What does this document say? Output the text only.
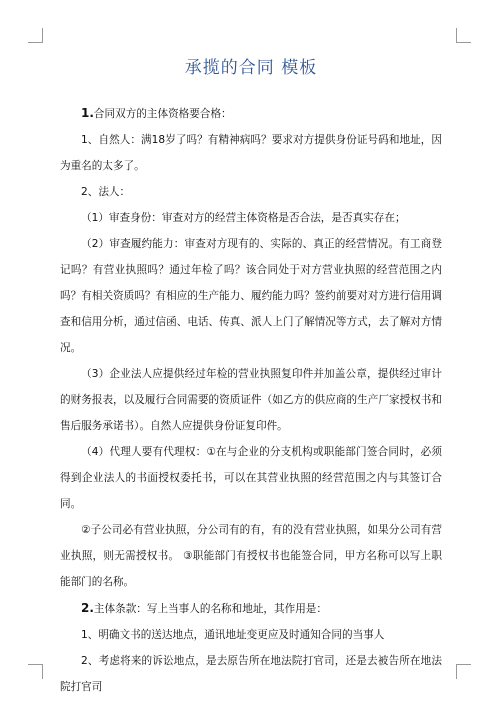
承揽的合同 模板

1.合同双方的主体资格要合格：

1、自然人：满18岁了吗？有精神病吗？要求对方提供身份证号码和地址，因为重名的太多了。

2、法人：

（1）审查身份：审查对方的经营主体资格是否合法，是否真实存在；

（2）审查履约能力：审查对方现有的、实际的、真正的经营情况。有工商登记吗？有营业执照吗？通过年检了吗？该合同处于对方营业执照的经营范围之内吗？有相关资质吗？有相应的生产能力、履约能力吗？签约前要对对方进行信用调查和信用分析，通过信函、电话、传真、派人上门了解情况等方式，去了解对方情况。

（3）企业法人应提供经过年检的营业执照复印件并加盖公章，提供经过审计的财务报表，以及履行合同需要的资质证件（如乙方的供应商的生产厂家授权书和售后服务承诺书）。自然人应提供身份证复印件。

（4）代理人要有代理权：①在与企业的分支机构或职能部门签合同时，必须得到企业法人的书面授权委托书，可以在其营业执照的经营范围之内与其签订合同。

②子公司必有营业执照，分公司有的有，有的没有营业执照，如果分公司有营业执照，则无需授权书。 ③职能部门有授权书也能签合同，甲方名称可以写上职能部门的名称。

2.主体条款：写上当事人的名称和地址，其作用是：

1、明确文书的送达地点，通讯地址变更应及时通知合同的当事人

2、考虑将来的诉讼地点，是去原告所在地法院打官司，还是去被告所在地法院打官司
